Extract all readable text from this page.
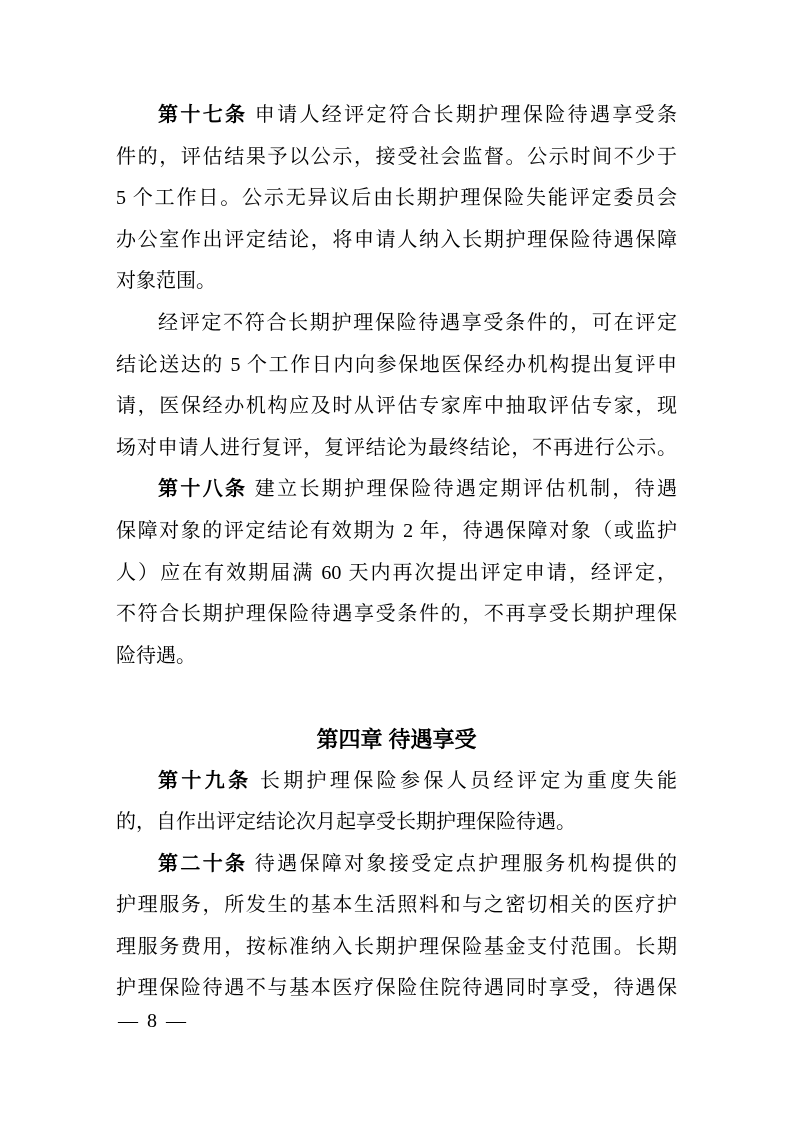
第十七条 申请人经评定符合长期护理保险待遇享受条
件的，评估结果予以公示，接受社会监督。公示时间不少于
5 个工作日。公示无异议后由长期护理保险失能评定委员会
办公室作出评定结论，将申请人纳入长期护理保险待遇保障
对象范围。
经评定不符合长期护理保险待遇享受条件的，可在评定
结论送达的 5 个工作日内向参保地医保经办机构提出复评申
请，医保经办机构应及时从评估专家库中抽取评估专家，现
场对申请人进行复评，复评结论为最终结论，不再进行公示。
第十八条 建立长期护理保险待遇定期评估机制，待遇
保障对象的评定结论有效期为 2 年，待遇保障对象（或监护
人）应在有效期届满 60 天内再次提出评定申请，经评定，
不符合长期护理保险待遇享受条件的，不再享受长期护理保
险待遇。
第四章 待遇享受
第十九条 长期护理保险参保人员经评定为重度失能
的，自作出评定结论次月起享受长期护理保险待遇。
第二十条 待遇保障对象接受定点护理服务机构提供的
护理服务，所发生的基本生活照料和与之密切相关的医疗护
理服务费用，按标准纳入长期护理保险基金支付范围。长期
护理保险待遇不与基本医疗保险住院待遇同时享受，待遇保
— 8 —
